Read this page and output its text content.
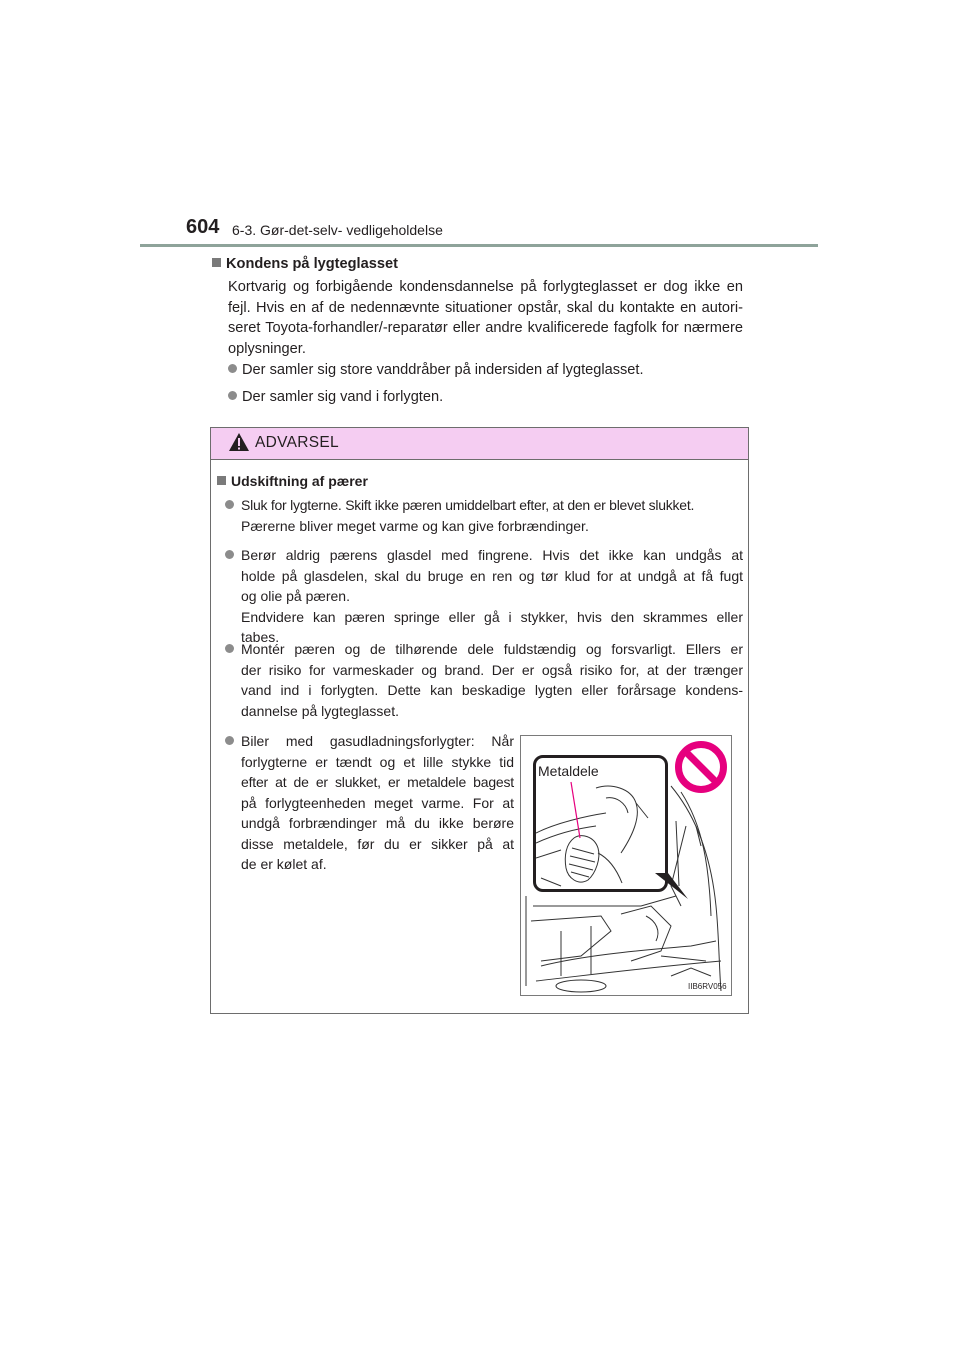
604 6-3. Gør-det-selv- vedligeholdelse
Kondens på lygteglasset
Kortvarig og forbigående kondensdannelse på forlygteglasset er dog ikke en
fejl. Hvis en af de nedennævnte situationer opstår, skal du kontakte en autori-
seret Toyota-forhandler/-reparatør eller andre kvalificerede fagfolk for nærmere
oplysninger.
Der samler sig store vanddråber på indersiden af lygteglasset.
Der samler sig vand i forlygten.
ADVARSEL
Udskiftning af pærer

Sluk for lygterne. Skift ikke pæren umiddelbart efter, at den er blevet slukket.
Pærerne bliver meget varme og kan give forbrændinger.

Berør aldrig pærens glasdel med fingrene. Hvis det ikke kan undgås at
holde på glasdelen, skal du bruge en ren og tør klud for at undgå at få fugt
og olie på pæren.

Endvidere kan pæren springe eller gå i stykker, hvis den skrammes eller
tabes.

Montér pæren og de tilhørende dele fuldstændig og forsvarligt. Ellers er
der risiko for varmeskader og brand. Der er også risiko for, at der trænger
vand ind i forlygten. Dette kan beskadige lygten eller forårsage kondens-
dannelse på lygteglasset.

Biler med gasudladningsforlygter: Når
forlygterne er tændt og et lille stykke tid
efter at de er slukket, er metaldele bagest
på forlygteenheden meget varme. For at
undgå forbrændinger må du ikke berøre
disse metaldele, før du er sikker på at
de er kølet af.

Metaldele
IIB6RV056
